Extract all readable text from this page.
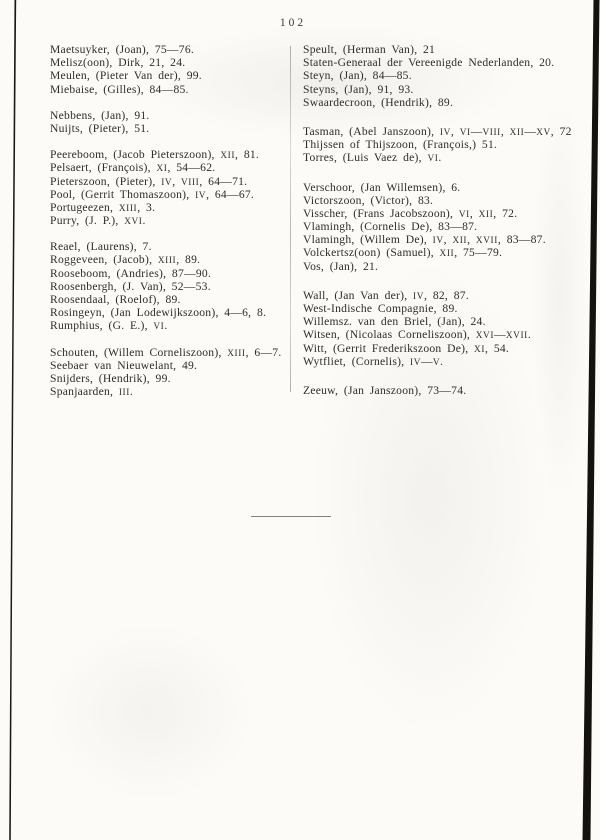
102
Maetsuyker, (Joan), 75—76.
Melisz(oon), Dirk, 21, 24.
Meulen, (Pieter Van der), 99.
Miebaise, (Gilles), 84—85.
Nebbens, (Jan), 91.
Nuijts, (Pieter), 51.
Peereboom, (Jacob Pieterszoon), XII, 81.
Pelsaert, (François), XI, 54—62.
Pieterszoon, (Pieter), IV, VIII, 64—71.
Pool, (Gerrit Thomaszoon), IV, 64—67.
Portugeezen, XIII, 3.
Purry, (J. P.), XVI.
Reael, (Laurens), 7.
Roggeveen, (Jacob), XIII, 89.
Rooseboom, (Andries), 87—90.
Roosenbergh, (J. Van), 52—53.
Roosendaal, (Roelof), 89.
Rosingeyn, (Jan Lodewijkszoon), 4—6, 8.
Rumphius, (G. E.), VI.
Schouten, (Willem Corneliszoon), XIII, 6—7.
Seebaer van Nieuwelant, 49.
Snijders, (Hendrik), 99.
Spanjaarden, III.
Speult, (Herman Van), 21
Staten-Generaal der Vereenigde Nederlanden, 20.
Steyn, (Jan), 84—85.
Steyns, (Jan), 91, 93.
Swaardecroon, (Hendrik), 89.
Tasman, (Abel Janszoon), IV, VI—VIII, XII—XV, 72
Thijssen of Thijszoon, (François,) 51.
Torres, (Luis Vaez de), VI.
Verschoor, (Jan Willemsen), 6.
Victorszoon, (Victor), 83.
Visscher, (Frans Jacobszoon), VI, XII, 72.
Vlamingh, (Cornelis De), 83—87.
Vlamingh, (Willem De), IV, XII, XVII, 83—87.
Volckertsz(oon) (Samuel), XII, 75—79.
Vos, (Jan), 21.
Wall, (Jan Van der), IV, 82, 87.
West-Indische Compagnie, 89.
Willemsz. van den Briel, (Jan), 24.
Witsen, (Nicolaas Corneliszoon), XVI—XVII.
Witt, (Gerrit Frederikszoon De), XI, 54.
Wytfliet, (Cornelis), IV—V.
Zeeuw, (Jan Janszoon), 73—74.
